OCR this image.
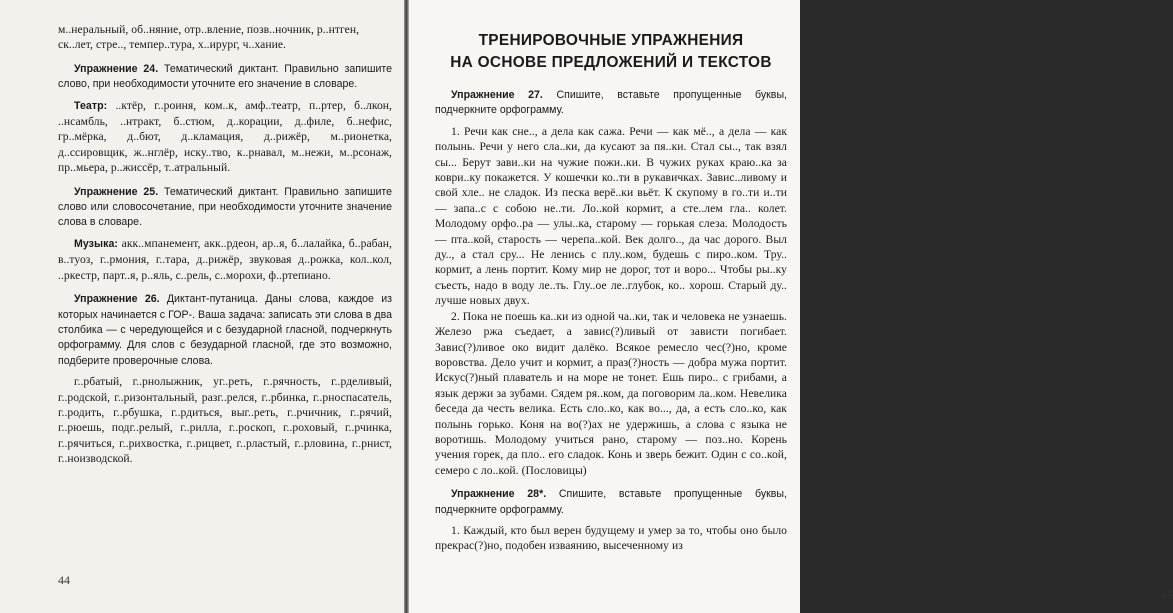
м..неральный, об..няние, отр..вление, позв..ночник, р..нтген,

ск..лет, стре.., темпер..тура, х..ирург, ч..хание.

Упражнение 24. Тематический диктант. Правильно запишите слово, при необходимости уточните его значение в словаре.

Театр: ..ктёр, г..роиня, ком..к, амф..театр, п..ртер, б..лкон, ..нсамбль, ..нтракт, б..стюм, д..корации, д..филе, б..нефис, гр..мёрка, д..бют, д..кламация, д..рижёр, м..рионетка, д..ссировщик, ж..нглёр, иску..тво, к..рнавал, м..нежи, м..рсонаж, пр..мьера, р..жиссёр, т..атральный.

Упражнение 25. Тематический диктант. Правильно запишите слово или словосочетание, при необходимости уточните значение слова в словаре.

Музыка: акк..мпанемент, акк..рдеон, ар..я, б..лалайка, б..рабан, в..туоз, г..рмония, г..тара, д..рижёр, звуковая д..рожка, кол..кол, ..ркестр, парт..я, р..яль, с..рель, с..морохи, ф..ртепиано.

Упражнение 26. Диктант-путаница. Даны слова, каждое из которых начинается с ГОР-. Ваша задача: записать эти слова в два столбика — с чередующейся и с безударной гласной, подчеркнуть орфограмму. Для слов с безударной гласной, где это возможно, подберите проверочные слова.

г..рбатый, г..рнолыжник, уг..реть, г..рячность, г..рделивый, г..родской, г..ризонтальный, разг..релся, г..рбинка, г..рноспасатель, г..родить, г..рбушка, г..рдиться, выг..реть, г..рчичник, г..рячий, г..рюешь, подг..релый, г..рилла, г..роскоп, г..роховый, г..рчинка, г..рячиться, г..рихвостка, г..рицвет, г..рластый, г..рловина, г..рнист, г..ноизводской.

44
ТРЕНИРОВОЧНЫЕ УПРАЖНЕНИЯ
НА ОСНОВЕ ПРЕДЛОЖЕНИЙ И ТЕКСТОВ

Упражнение 27. Спишите, вставьте пропущенные буквы, подчеркните орфограмму.

1. Речи как сне.., а дела как сажа. Речи — как мё.., а дела — как полынь. Речи у него сла..ки, да кусают за пя..ки. Стал сы.., так взял сы... Берут зави..ки на чужие пожи..ки. В чужих руках краю..ка за коври..ку покажется. У кошечки ко..ти в рукавичках. Завис..ливому и свой хле.. не сладок. Из песка верё..ки вьёт. К скупому в го..ти и..ти — запа..с с собою не..ти. Ло..кой кормит, а сте..лем гла.. колет. Молодому орфо..ра — улы..ка, старому — горькая слеза. Молодость — пта..кой, старость — черепа..кой. Век долго.., да час дорого. Выл ду.., а стал сру... Не ленись с плу..ком, будешь с пиро..ком. Тру.. кормит, а лень портит. Кому мир не дорог, тот и воро... Чтобы ры..ку съесть, надо в воду ле..ть. Глу..ое ле..глубок, ко.. хорош. Старый ду.. лучше новых двух.

2. Пока не поешь ка..ки из одной ча..ки, так и человека не узнаешь. Железо ржа съедает, а завис(?)ливый от зависти погибает. Завис(?)ливое око видит далёко. Всякое ремесло чес(?)но, кроме воровства. Дело учит и кормит, а праз(?)ность — добра мужа портит. Искус(?)ный плаватель и на море не тонет. Ешь пиро.. с грибами, а язык держи за зубами. Сядем ря..ком, да поговорим ла..ком. Невелика беседа да честь велика. Есть сло..ко, как во..., да, а есть сло..ко, как полынь горько. Коня на во(?)ах не удержишь, а слова с языка не воротишь. Молодому учиться рано, старому — поз..но. Корень учения горек, да пло.. его сладок. Конь и зверь бежит. Один с со..кой, семеро с ло..кой. (Пословицы)

Упражнение 28*. Спишите, вставьте пропущенные буквы, подчеркните орфограмму.

1. Каждый, кто был верен будущему и умер за то, чтобы оно было прекрас(?)но, подобен изваянию, высеченному из

45
